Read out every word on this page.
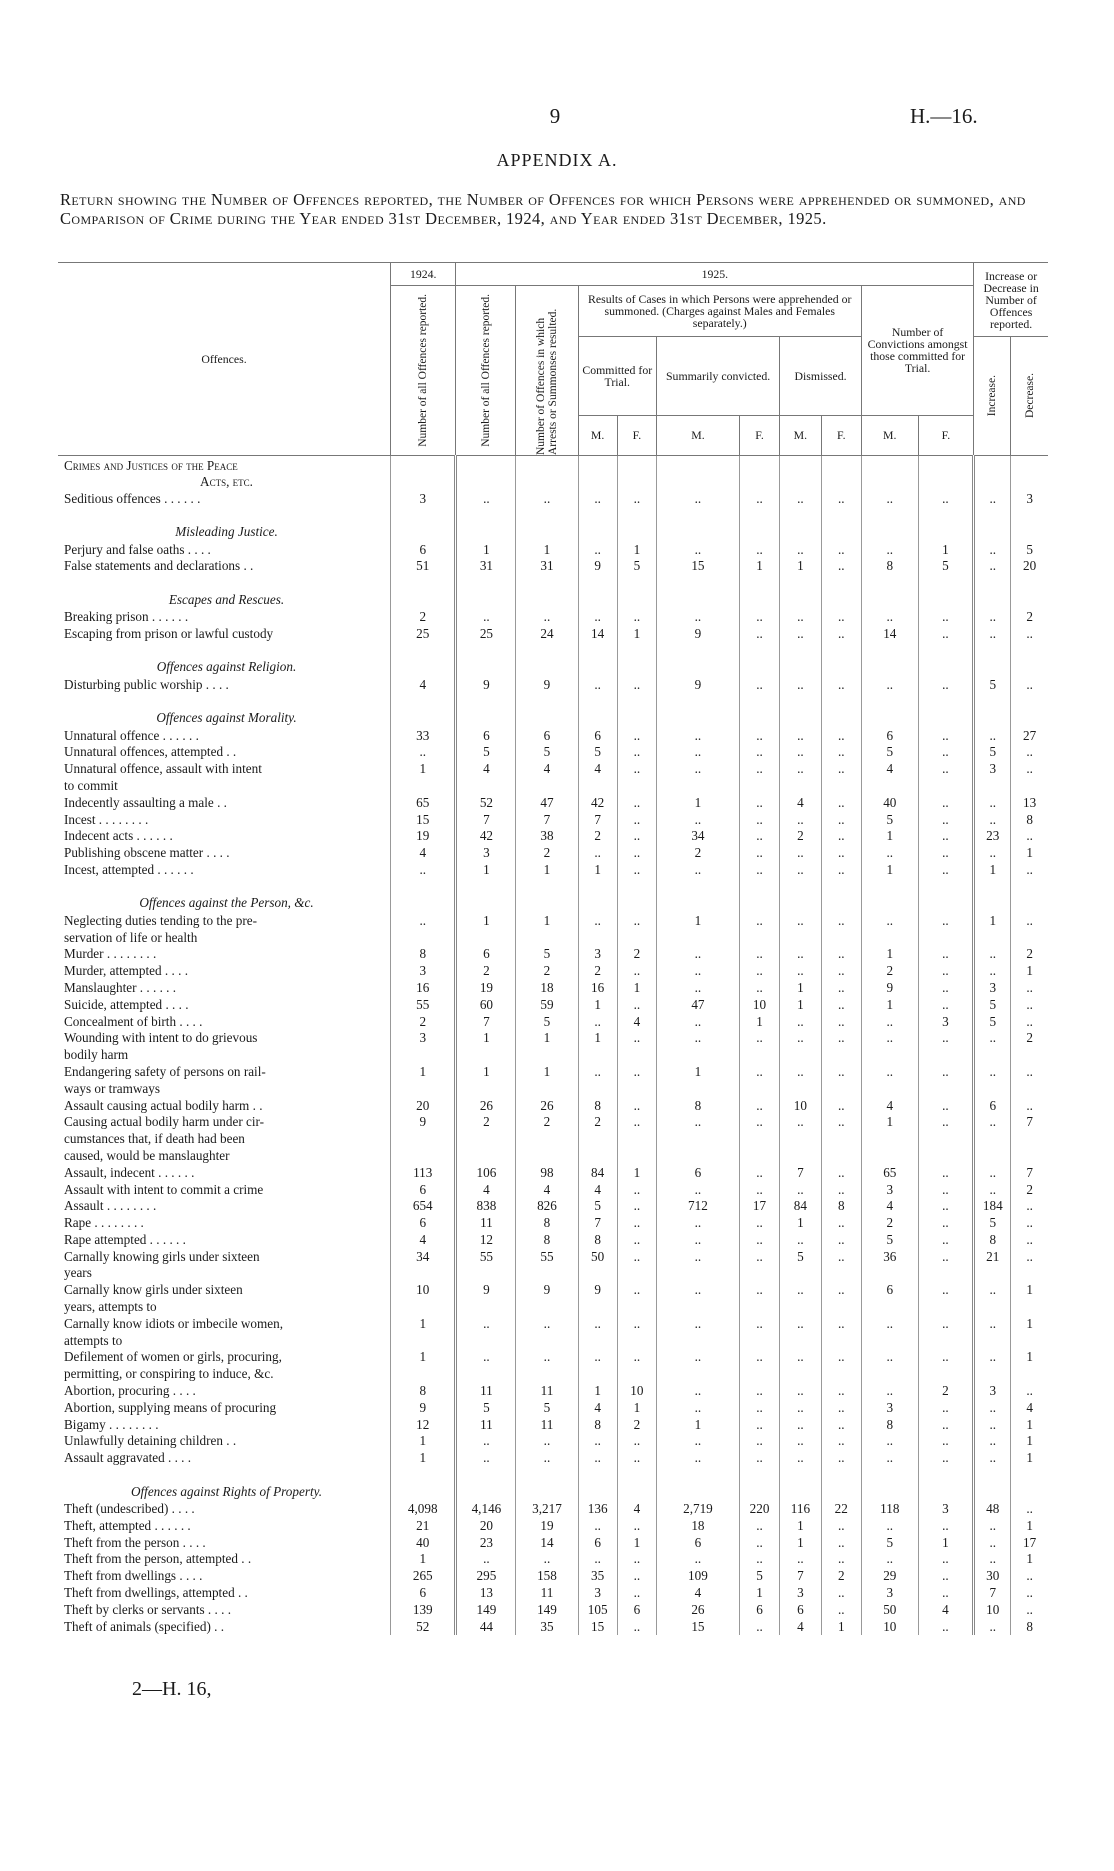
9	H.—16.
APPENDIX A.
Return showing the Number of Offences reported, the Number of Offences for which Persons were apprehended or summoned, and Comparison of Crime during the Year ended 31st December, 1924, and Year ended 31st December, 1925.
Offences.	1924.	1925.										Increase or Decrease in Number of Offences reported.	

	Number of all Offences reported.	Number of all Offences reported.	Number of Offences in which Arrests or Summonses resulted.	Results of Cases in which Persons were apprehended or summoned. (Charges against Males and Females separately.)						Number of Convictions amongst those committed for Trial.			
				Committed for Trial.		Summarily convicted.		Dismissed.				Increase.	Decrease.

				M.	F.	M.	F.	M.	F.	M.	F.		
Crimes and Justices of the Peace													
Acts, etc.													
Seditious offences . . . . . .	3	..	..	..	..	..	..	..	..	..	..	..	3
Misleading Justice.													
Perjury and false oaths . . . .	6	1	1	..	1	..	..	..	..	..	1	..	5
False statements and declarations . .	51	31	31	9	5	15	1	1	..	8	5	..	20
Escapes and Rescues.													
Breaking prison . . . . . .	2	..	..	..	..	..	..	..	..	..	..	..	2
Escaping from prison or lawful custody	25	25	24	14	1	9	..	..	..	14	..	..	..
Offences against Religion.													
Disturbing public worship . . . .	4	9	9	..	..	9	..	..	..	..	..	5	..
Offences against Morality.													
Unnatural offence . . . . . .	33	6	6	6	..	..	..	..	..	6	..	..	27
Unnatural offences, attempted . .	..	5	5	5	..	..	..	..	..	5	..	5	..
Unnatural offence, assault with intent	1	4	4	4	..	..	..	..	..	4	..	3	..
to commit													
Indecently assaulting a male . .	65	52	47	42	..	1	..	4	..	40	..	..	13
Incest . . . . . . . .	15	7	7	7	..	..	..	..	..	5	..	..	8
Indecent acts . . . . . .	19	42	38	2	..	34	..	2	..	1	..	23	..
Publishing obscene matter . . . .	4	3	2	..	..	2	..	..	..	..	..	..	1
Incest, attempted . . . . . .	..	1	1	1	..	..	..	..	..	1	..	1	..
Offences against the Person, &c.													
Neglecting duties tending to the pre-	..	1	1	..	..	1	..	..	..	..	..	1	..
servation of life or health													
Murder . . . . . . . .	8	6	5	3	2	..	..	..	..	1	..	..	2
Murder, attempted . . . .	3	2	2	2	..	..	..	..	..	2	..	..	1
Manslaughter . . . . . .	16	19	18	16	1	..	..	1	..	9	..	3	..
Suicide, attempted . . . .	55	60	59	1	..	47	10	1	..	1	..	5	..
Concealment of birth . . . .	2	7	5	..	4	..	1	..	..	..	3	5	..
Wounding with intent to do grievous	3	1	1	1	..	..	..	..	..	..	..	..	2
bodily harm													
Endangering safety of persons on rail-	1	1	1	..	..	1	..	..	..	..	..	..	..
ways or tramways													
Assault causing actual bodily harm . .	20	26	26	8	..	8	..	10	..	4	..	6	..
Causing actual bodily harm under cir-	9	2	2	2	..	..	..	..	..	1	..	..	7
cumstances that, if death had been													
caused, would be manslaughter													
Assault, indecent . . . . . .	113	106	98	84	1	6	..	7	..	65	..	..	7
Assault with intent to commit a crime	6	4	4	4	..	..	..	..	..	3	..	..	2
Assault . . . . . . . .	654	838	826	5	..	712	17	84	8	4	..	184	..
Rape . . . . . . . .	6	11	8	7	..	..	..	1	..	2	..	5	..
Rape attempted . . . . . .	4	12	8	8	..	..	..	..	..	5	..	8	..
Carnally knowing girls under sixteen	34	55	55	50	..	..	..	5	..	36	..	21	..
years													
Carnally know girls under sixteen	10	9	9	9	..	..	..	..	..	6	..	..	1
years, attempts to													
Carnally know idiots or imbecile women,	1	..	..	..	..	..	..	..	..	..	..	..	1
attempts to													
Defilement of women or girls, procuring,	1	..	..	..	..	..	..	..	..	..	..	..	1
permitting, or conspiring to induce, &c.													
Abortion, procuring . . . .	8	11	11	1	10	..	..	..	..	..	2	3	..
Abortion, supplying means of procuring	9	5	5	4	1	..	..	..	..	3	..	..	4
Bigamy . . . . . . . .	12	11	11	8	2	1	..	..	..	8	..	..	1
Unlawfully detaining children . .	1	..	..	..	..	..	..	..	..	..	..	..	1
Assault aggravated . . . .	1	..	..	..	..	..	..	..	..	..	..	..	1
Offences against Rights of Property.													
Theft (undescribed) . . . .	4,098	4,146	3,217	136	4	2,719	220	116	22	118	3	48	..
Theft, attempted . . . . . .	21	20	19	..	..	18	..	1	..	..	..	..	1
Theft from the person . . . .	40	23	14	6	1	6	..	1	..	5	1	..	17
Theft from the person, attempted . .	1	..	..	..	..	..	..	..	..	..	..	..	1
Theft from dwellings . . . .	265	295	158	35	..	109	5	7	2	29	..	30	..
Theft from dwellings, attempted . .	6	13	11	3	..	4	1	3	..	3	..	7	..
Theft by clerks or servants . . . .	139	149	149	105	6	26	6	6	..	50	4	10	..
Theft of animals (specified) . .	52	44	35	15	..	15	..	4	1	10	..	..	8
2—H. 16,
